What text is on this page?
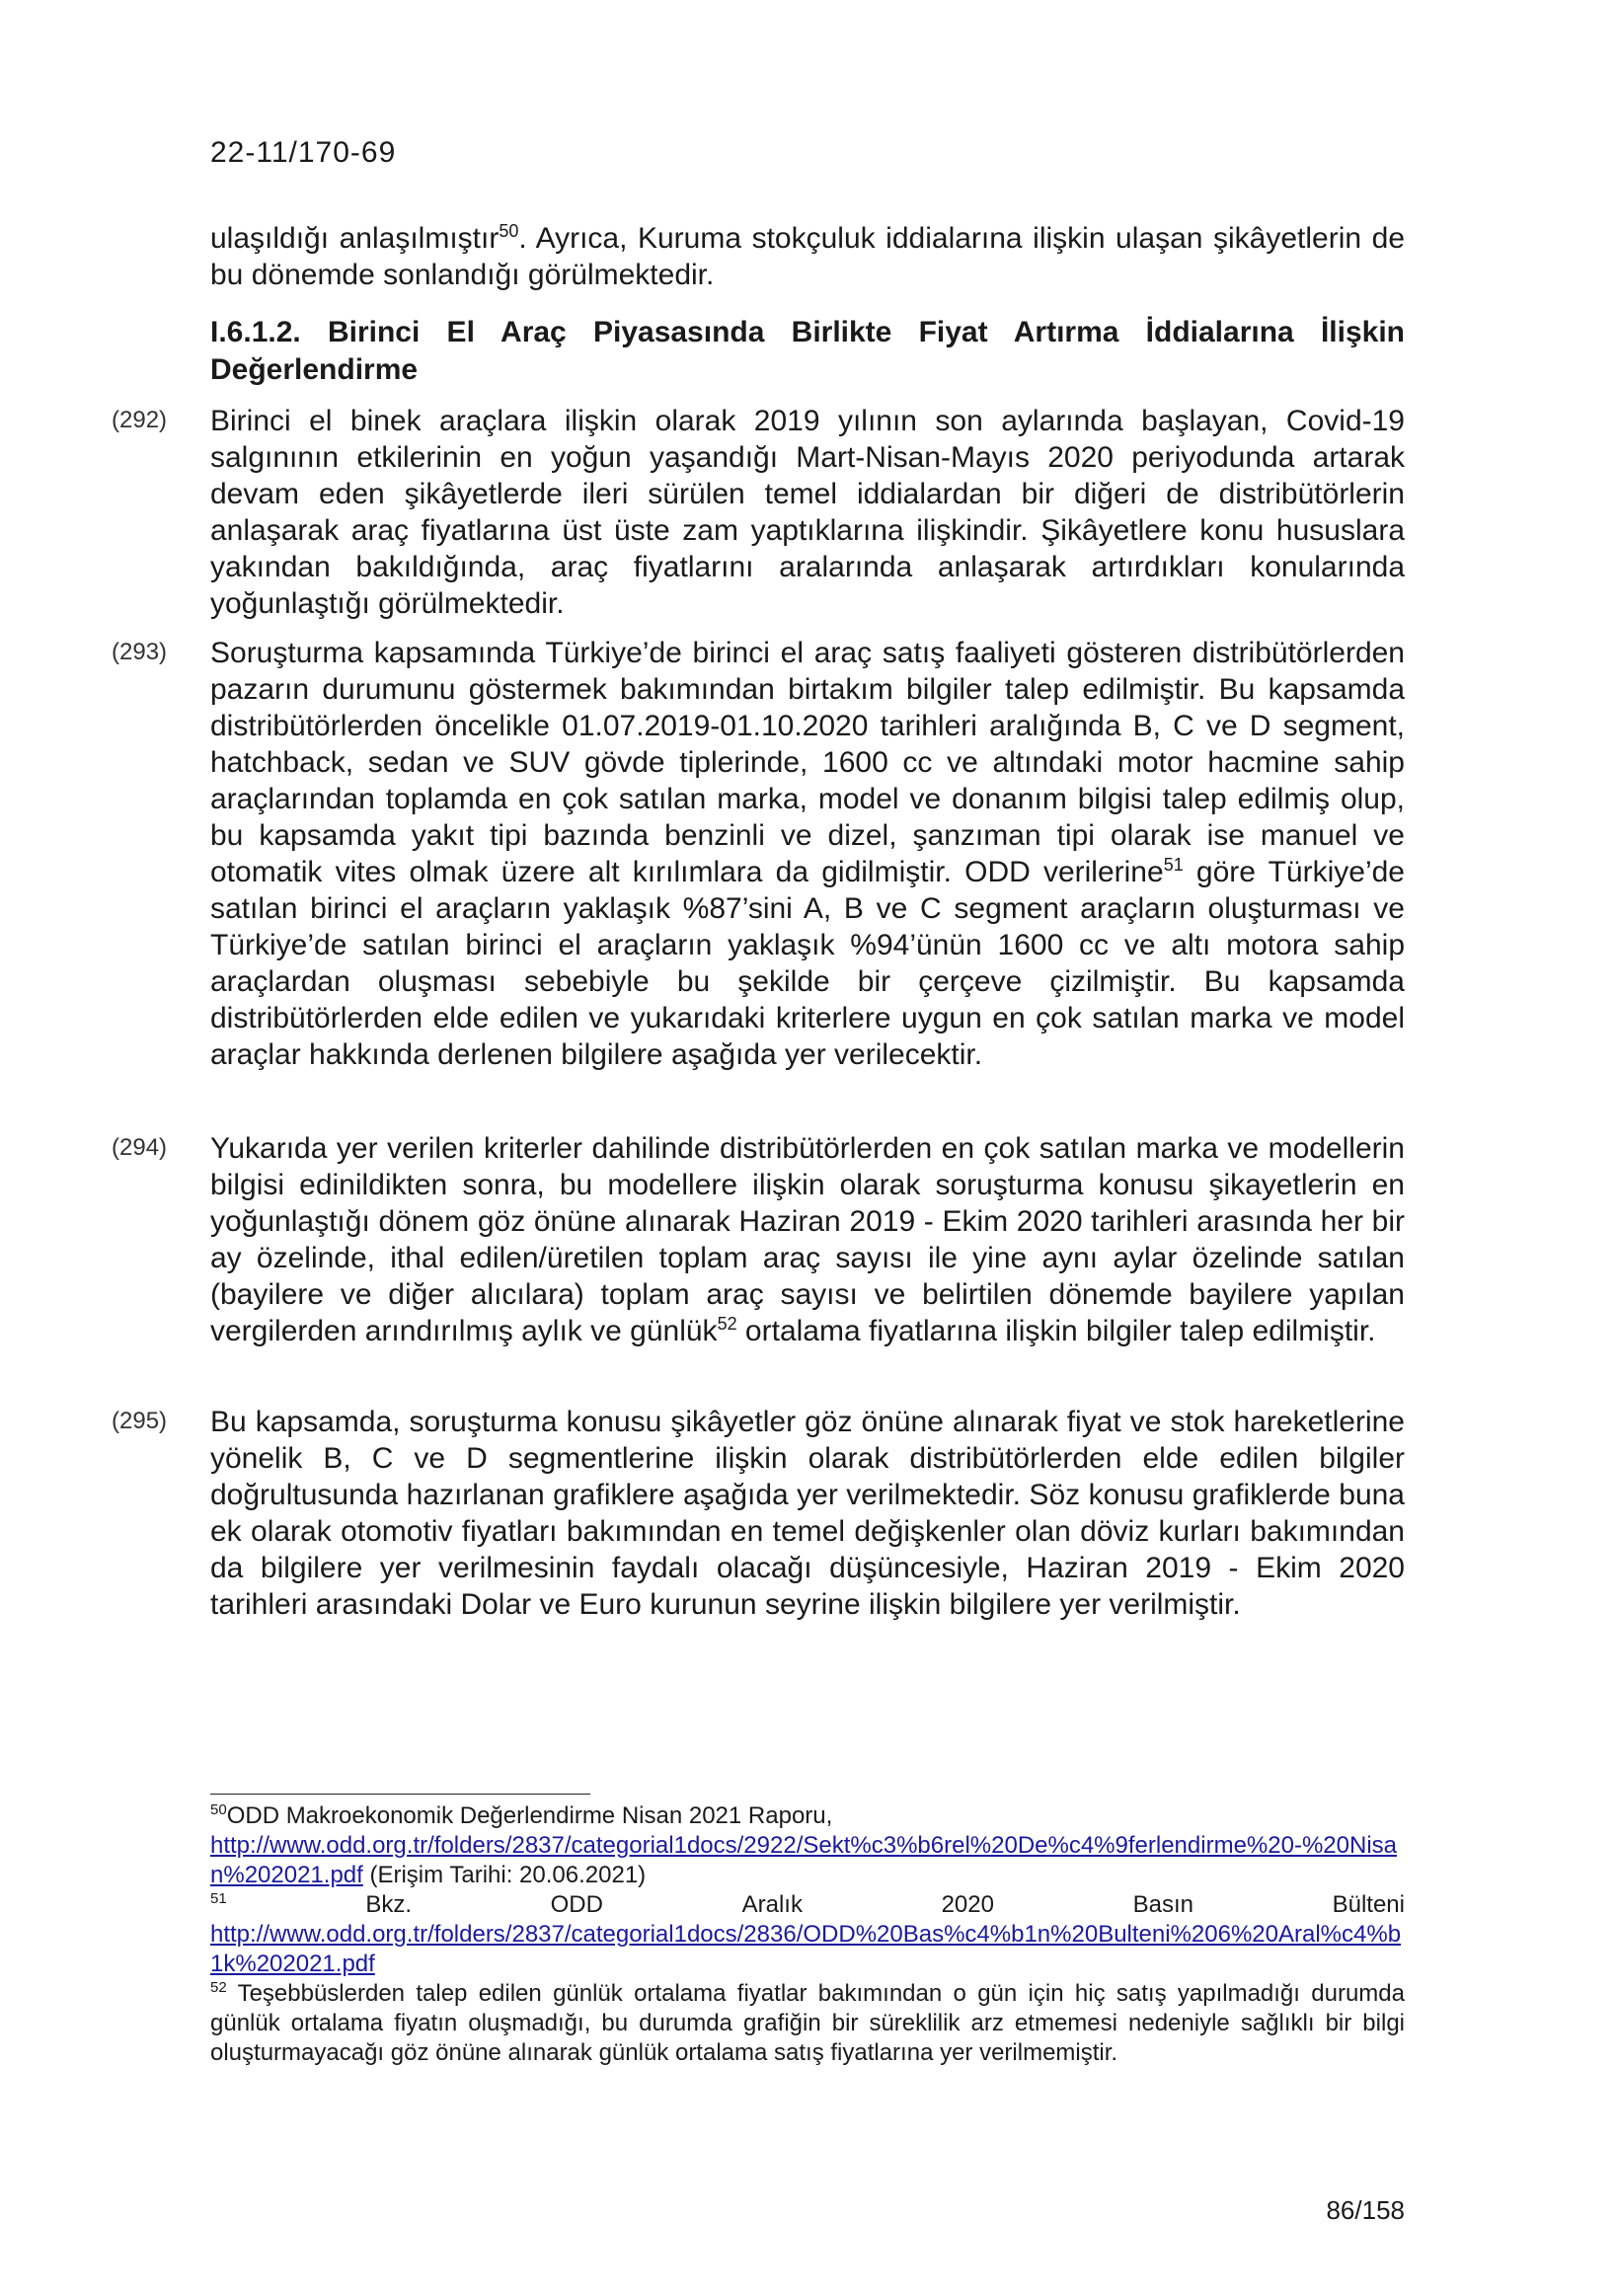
22-11/170-69
ulaşıldığı anlaşılmıştır$^{50}$. Ayrıca, Kuruma stokçuluk iddialarına ilişkin ulaşan şikâyetlerin de bu dönemde sonlandığı görülmektedir.
I.6.1.2. Birinci El Araç Piyasasında Birlikte Fiyat Artırma İddialarına İlişkin Değerlendirme
(292) Birinci el binek araçlara ilişkin olarak 2019 yılının son aylarında başlayan, Covid-19 salgınının etkilerinin en yoğun yaşandığı Mart-Nisan-Mayıs 2020 periyodunda artarak devam eden şikâyetlerde ileri sürülen temel iddialardan bir diğeri de distribütörlerin anlaşarak araç fiyatlarına üst üste zam yaptıklarına ilişkindir. Şikâyetlere konu hususlara yakından bakıldığında, araç fiyatlarını aralarında anlaşarak artırdıkları konularında yoğunlaştığı görülmektedir.
(293) Soruşturma kapsamında Türkiye’de birinci el araç satış faaliyeti gösteren distribütörlerden pazarın durumunu göstermek bakımından birtakım bilgiler talep edilmiştir. Bu kapsamda distribütörlerden öncelikle 01.07.2019-01.10.2020 tarihleri aralığında B, C ve D segment, hatchback, sedan ve SUV gövde tiplerinde, 1600 cc ve altındaki motor hacmine sahip araçlarından toplamda en çok satılan marka, model ve donanım bilgisi talep edilmiş olup, bu kapsamda yakıt tipi bazında benzinli ve dizel, şanzıman tipi olarak ise manuel ve otomatik vites olmak üzere alt kırılımlara da gidilmiştir. ODD verilerine$^{51}$ göre Türkiye’de satılan birinci el araçların yaklaşık %87’sini A, B ve C segment araçların oluşturması ve Türkiye’de satılan birinci el araçların yaklaşık %94’ünün 1600 cc ve altı motora sahip araçlardan oluşması sebebiyle bu şekilde bir çerçeve çizilmiştir. Bu kapsamda distribütörlerden elde edilen ve yukarıdaki kriterlere uygun en çok satılan marka ve model araçlar hakkında derlenen bilgilere aşağıda yer verilecektir.
(294) Yukarıda yer verilen kriterler dahilinde distribütörlerden en çok satılan marka ve modellerin bilgisi edinildikten sonra, bu modellere ilişkin olarak soruşturma konusu şikayetlerin en yoğunlaştığı dönem göz önüne alınarak Haziran 2019 - Ekim 2020 tarihleri arasında her bir ay özelinde, ithal edilen/üretilen toplam araç sayısı ile yine aynı aylar özelinde satılan (bayilere ve diğer alıcılara) toplam araç sayısı ve belirtilen dönemde bayilere yapılan vergilerden arındırılmış aylık ve günlük$^{52}$ ortalama fiyatlarına ilişkin bilgiler talep edilmiştir.
(295) Bu kapsamda, soruşturma konusu şikâyetler göz önüne alınarak fiyat ve stok hareketlerine yönelik B, C ve D segmentlerine ilişkin olarak distribütörlerden elde edilen bilgiler doğrultusunda hazırlanan grafiklere aşağıda yer verilmektedir. Söz konusu grafiklerde buna ek olarak otomotiv fiyatları bakımından en temel değişkenler olan döviz kurları bakımından da bilgilere yer verilmesinin faydalı olacağı düşüncesiyle, Haziran 2019 - Ekim 2020 tarihleri arasındaki Dolar ve Euro kurunun seyrine ilişkin bilgilere yer verilmiştir.

$^{50}$ODD Makroekonomik Değerlendirme Nisan 2021 Raporu,
http://www.odd.org.tr/folders/2837/categorial1docs/2922/Sekt%c3%b6rel%20De%c4%9ferlendirme%20-%20Nisan%202021.pdf (Erişim Tarihi: 20.06.2021)

$^{51}$	Bkz.	ODD	Aralık	2020	Basın	Bülteni
http://www.odd.org.tr/folders/2837/categorial1docs/2836/ODD%20Bas%c4%b1n%20Bulteni%206%20Aral%c4%b1k%202021.pdf

$^{52}$ Teşebbüslerden talep edilen günlük ortalama fiyatlar bakımından o gün için hiç satış yapılmadığı durumda günlük ortalama fiyatın oluşmadığı, bu durumda grafiğin bir süreklilik arz etmemesi nedeniyle sağlıklı bir bilgi oluşturmayacağı göz önüne alınarak günlük ortalama satış fiyatlarına yer verilmemiştir.

86/158
